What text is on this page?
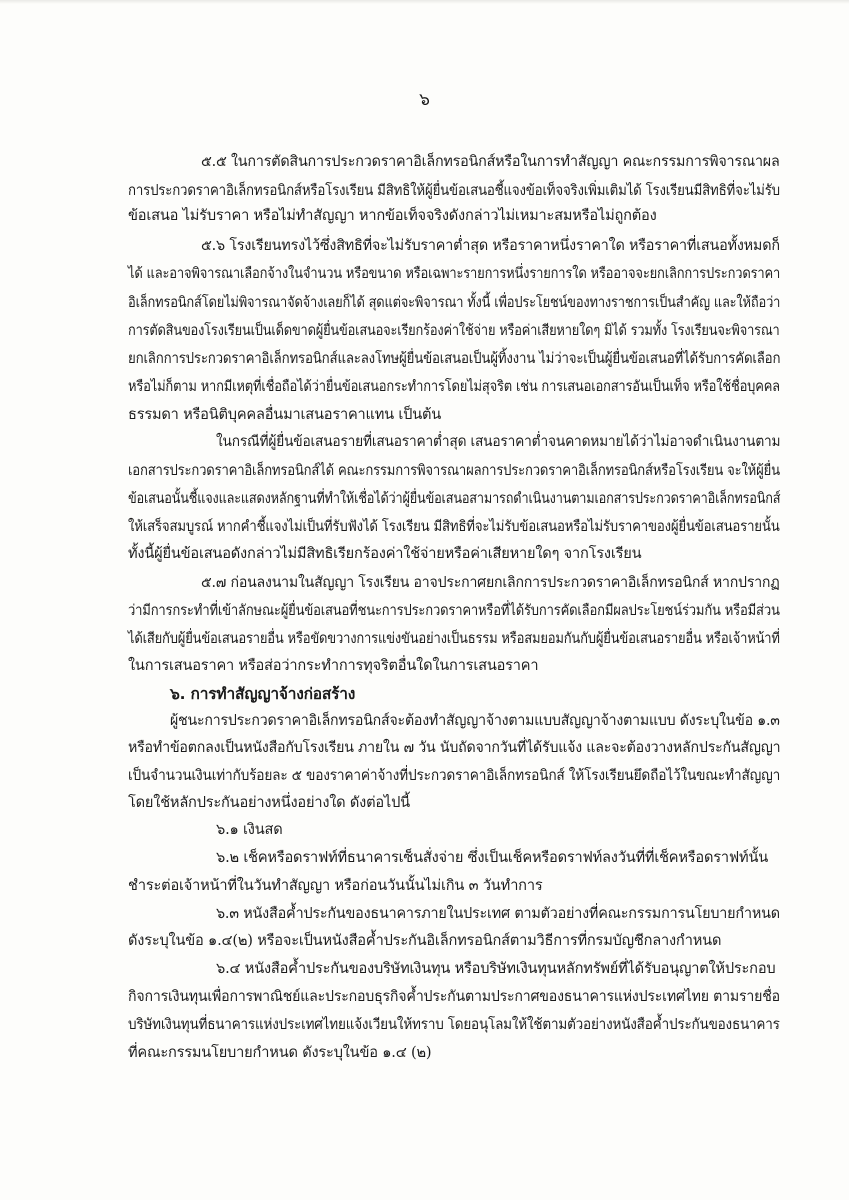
๖
๕.๕ ในการตัดสินการประกวดราคาอิเล็กทรอนิกส์หรือในการทำสัญญา คณะกรรมการพิจารณาผล
การประกวดราคาอิเล็กทรอนิกส์หรือโรงเรียน มีสิทธิให้ผู้ยื่นข้อเสนอชี้แจงข้อเท็จจริงเพิ่มเติมได้ โรงเรียนมีสิทธิที่จะไม่รับ
ข้อเสนอ ไม่รับราคา หรือไม่ทำสัญญา หากข้อเท็จจริงดังกล่าวไม่เหมาะสมหรือไม่ถูกต้อง
๕.๖ โรงเรียนทรงไว้ซึ่งสิทธิที่จะไม่รับราคาต่ำสุด หรือราคาหนึ่งราคาใด หรือราคาที่เสนอทั้งหมดก็
ได้ และอาจพิจารณาเลือกจ้างในจำนวน หรือขนาด หรือเฉพาะรายการหนึ่งรายการใด หรืออาจจะยกเลิกการประกวดราคา
อิเล็กทรอนิกส์โดยไม่พิจารณาจัดจ้างเลยก็ได้ สุดแต่จะพิจารณา ทั้งนี้ เพื่อประโยชน์ของทางราชการเป็นสำคัญ และให้ถือว่า
การตัดสินของโรงเรียนเป็นเด็ดขาดผู้ยื่นข้อเสนอจะเรียกร้องค่าใช้จ่าย หรือค่าเสียหายใดๆ มิได้ รวมทั้ง โรงเรียนจะพิจารณา
ยกเลิกการประกวดราคาอิเล็กทรอนิกส์และลงโทษผู้ยื่นข้อเสนอเป็นผู้ทิ้งงาน ไม่ว่าจะเป็นผู้ยื่นข้อเสนอที่ได้รับการคัดเลือก
หรือไม่ก็ตาม หากมีเหตุที่เชื่อถือได้ว่ายื่นข้อเสนอกระทำการโดยไม่สุจริต เช่น การเสนอเอกสารอันเป็นเท็จ หรือใช้ชื่อบุคคล
ธรรมดา หรือนิติบุคคลอื่นมาเสนอราคาแทน เป็นต้น
ในกรณีที่ผู้ยื่นข้อเสนอรายที่เสนอราคาต่ำสุด เสนอราคาต่ำจนคาดหมายได้ว่าไม่อาจดำเนินงานตาม
เอกสารประกวดราคาอิเล็กทรอนิกส์ได้ คณะกรรมการพิจารณาผลการประกวดราคาอิเล็กทรอนิกส์หรือโรงเรียน จะให้ผู้ยื่น
ข้อเสนอนั้นชี้แจงและแสดงหลักฐานที่ทำให้เชื่อได้ว่าผู้ยื่นข้อเสนอสามารถดำเนินงานตามเอกสารประกวดราคาอิเล็กทรอนิกส์
ให้เสร็จสมบูรณ์ หากคำชี้แจงไม่เป็นที่รับฟังได้ โรงเรียน มีสิทธิที่จะไม่รับข้อเสนอหรือไม่รับราคาของผู้ยื่นข้อเสนอรายนั้น
ทั้งนี้ผู้ยื่นข้อเสนอดังกล่าวไม่มีสิทธิเรียกร้องค่าใช้จ่ายหรือค่าเสียหายใดๆ จากโรงเรียน
๕.๗ ก่อนลงนามในสัญญา โรงเรียน อาจประกาศยกเลิกการประกวดราคาอิเล็กทรอนิกส์ หากปรากฏ
ว่ามีการกระทำที่เข้าลักษณะผู้ยื่นข้อเสนอที่ชนะการประกวดราคาหรือที่ได้รับการคัดเลือกมีผลประโยชน์ร่วมกัน หรือมีส่วน
ได้เสียกับผู้ยื่นข้อเสนอรายอื่น หรือขัดขวางการแข่งขันอย่างเป็นธรรม หรือสมยอมกันกับผู้ยื่นข้อเสนอรายอื่น หรือเจ้าหน้าที่
ในการเสนอราคา หรือส่อว่ากระทำการทุจริตอื่นใดในการเสนอราคา
๖. การทำสัญญาจ้างก่อสร้าง
ผู้ชนะการประกวดราคาอิเล็กทรอนิกส์จะต้องทำสัญญาจ้างตามแบบสัญญาจ้างตามแบบ ดังระบุในข้อ ๑.๓
หรือทำข้อตกลงเป็นหนังสือกับโรงเรียน ภายใน ๗ วัน นับถัดจากวันที่ได้รับแจ้ง และจะต้องวางหลักประกันสัญญา
เป็นจำนวนเงินเท่ากับร้อยละ ๕ ของราคาค่าจ้างที่ประกวดราคาอิเล็กทรอนิกส์ ให้โรงเรียนยึดถือไว้ในขณะทำสัญญา
โดยใช้หลักประกันอย่างหนึ่งอย่างใด ดังต่อไปนี้
๖.๑ เงินสด
๖.๒ เช็คหรือดราฟท์ที่ธนาคารเซ็นสั่งจ่าย ซึ่งเป็นเช็คหรือดราฟท์ลงวันที่ที่เช็คหรือดราฟท์นั้น
ชำระต่อเจ้าหน้าที่ในวันทำสัญญา หรือก่อนวันนั้นไม่เกิน ๓ วันทำการ
๖.๓ หนังสือค้ำประกันของธนาคารภายในประเทศ ตามตัวอย่างที่คณะกรรมการนโยบายกำหนด
ดังระบุในข้อ ๑.๔(๒) หรือจะเป็นหนังสือค้ำประกันอิเล็กทรอนิกส์ตามวิธีการที่กรมบัญชีกลางกำหนด
๖.๔ หนังสือค้ำประกันของบริษัทเงินทุน หรือบริษัทเงินทุนหลักทรัพย์ที่ได้รับอนุญาตให้ประกอบ
กิจการเงินทุนเพื่อการพาณิชย์และประกอบธุรกิจค้ำประกันตามประกาศของธนาคารแห่งประเทศไทย ตามรายชื่อ
บริษัทเงินทุนที่ธนาคารแห่งประเทศไทยแจ้งเวียนให้ทราบ โดยอนุโลมให้ใช้ตามตัวอย่างหนังสือค้ำประกันของธนาคาร
ที่คณะกรรมนโยบายกำหนด ดังระบุในข้อ ๑.๔ (๒)
